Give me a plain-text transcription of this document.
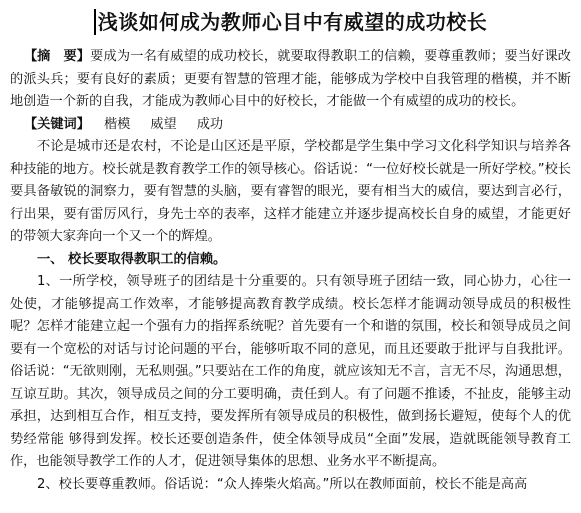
浅谈如何成为教师心目中有威望的成功校长

【摘　要】要成为一名有威望的成功校长，就要取得教职工的信赖，要尊重教师；要当好课改的派头兵；要有良好的素质；更要有智慧的管理才能，能够成为学校中自我管理的楷模，并不断地创造一个新的自我，才能成为教师心目中的好校长，才能做一个有威望的成功的校长。

【关键词】 楷模 威望 成功

不论是城市还是农村，不论是山区还是平原，学校都是学生集中学习文化科学知识与培养各种技能的地方。校长就是教育教学工作的领导核心。俗话说：“一位好校长就是一所好学校。”校长要具备敏锐的洞察力，要有智慧的头脑，要有睿智的眼光，要有相当大的威信，要达到言必行，行出果，要有雷厉风行，身先士卒的表率，这样才能建立并逐步提高校长自身的威望，才能更好的带领大家奔向一个又一个的辉煌。

一、 校长要取得教职工的信赖。

1、一所学校，领导班子的团结是十分重要的。只有领导班子团结一致，同心协力，心往一处使，才能够提高工作效率，才能够提高教育教学成绩。校长怎样才能调动领导成员的积极性呢？怎样才能建立起一个强有力的指挥系统呢？首先要有一个和谐的氛围，校长和领导成员之间要有一个宽松的对话与讨论问题的平台，能够听取不同的意见，而且还要敢于批评与自我批评。俗话说：“无欲则刚，无私则强。”只要站在工作的角度，就应该知无不言，言无不尽，沟通思想，互谅互助。其次，领导成员之间的分工要明确，责任到人。有了问题不推诿，不扯皮，能够主动承担，达到相互合作，相互支持，要发挥所有领导成员的积极性，做到扬长避短，使每个人的优势经常能 够得到发挥。校长还要创造条件，使全体领导成员“全面”发展，造就既能领导教育工作，也能领导教学工作的人才，促进领导集体的思想、业务水平不断提高。

2、校长要尊重教师。俗话说：“众人捧柴火焰高。”所以在教师面前，校长不能是高高
